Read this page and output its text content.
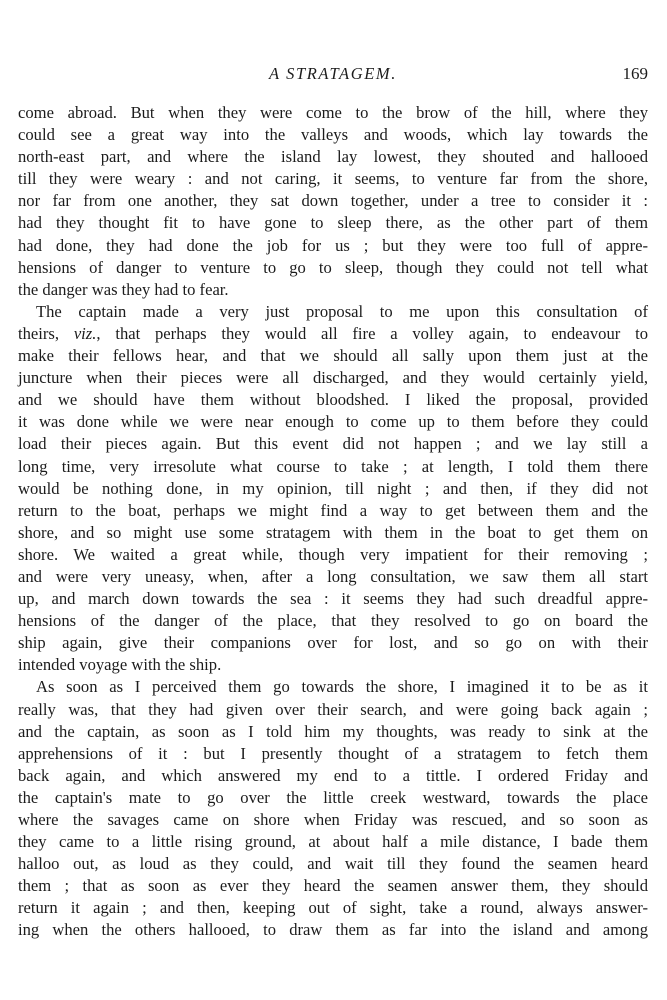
A STRATAGEM.	169
come abroad. But when they were come to the brow of the hill, where they
could see a great way into the valleys and woods, which lay towards the
north-east part, and where the island lay lowest, they shouted and hallooed
till they were weary : and not caring, it seems, to venture far from the shore,
nor far from one another, they sat down together, under a tree to consider it :
had they thought fit to have gone to sleep there, as the other part of them
had done, they had done the job for us ; but they were too full of appre-
hensions of danger to venture to go to sleep, though they could not tell what
the danger was they had to fear.
The captain made a very just proposal to me upon this consultation of
theirs, viz., that perhaps they would all fire a volley again, to endeavour to
make their fellows hear, and that we should all sally upon them just at the
juncture when their pieces were all discharged, and they would certainly yield,
and we should have them without bloodshed. I liked the proposal, provided
it was done while we were near enough to come up to them before they could
load their pieces again. But this event did not happen ; and we lay still a
long time, very irresolute what course to take ; at length, I told them there
would be nothing done, in my opinion, till night ; and then, if they did not
return to the boat, perhaps we might find a way to get between them and the
shore, and so might use some stratagem with them in the boat to get them on
shore. We waited a great while, though very impatient for their removing ;
and were very uneasy, when, after a long consultation, we saw them all start
up, and march down towards the sea : it seems they had such dreadful appre-
hensions of the danger of the place, that they resolved to go on board the
ship again, give their companions over for lost, and so go on with their
intended voyage with the ship.
As soon as I perceived them go towards the shore, I imagined it to be as it
really was, that they had given over their search, and were going back again ;
and the captain, as soon as I told him my thoughts, was ready to sink at the
apprehensions of it : but I presently thought of a stratagem to fetch them
back again, and which answered my end to a tittle. I ordered Friday and
the captain's mate to go over the little creek westward, towards the place
where the savages came on shore when Friday was rescued, and so soon as
they came to a little rising ground, at about half a mile distance, I bade them
halloo out, as loud as they could, and wait till they found the seamen heard
them ; that as soon as ever they heard the seamen answer them, they should
return it again ; and then, keeping out of sight, take a round, always answer-
ing when the others hallooed, to draw them as far into the island and among
